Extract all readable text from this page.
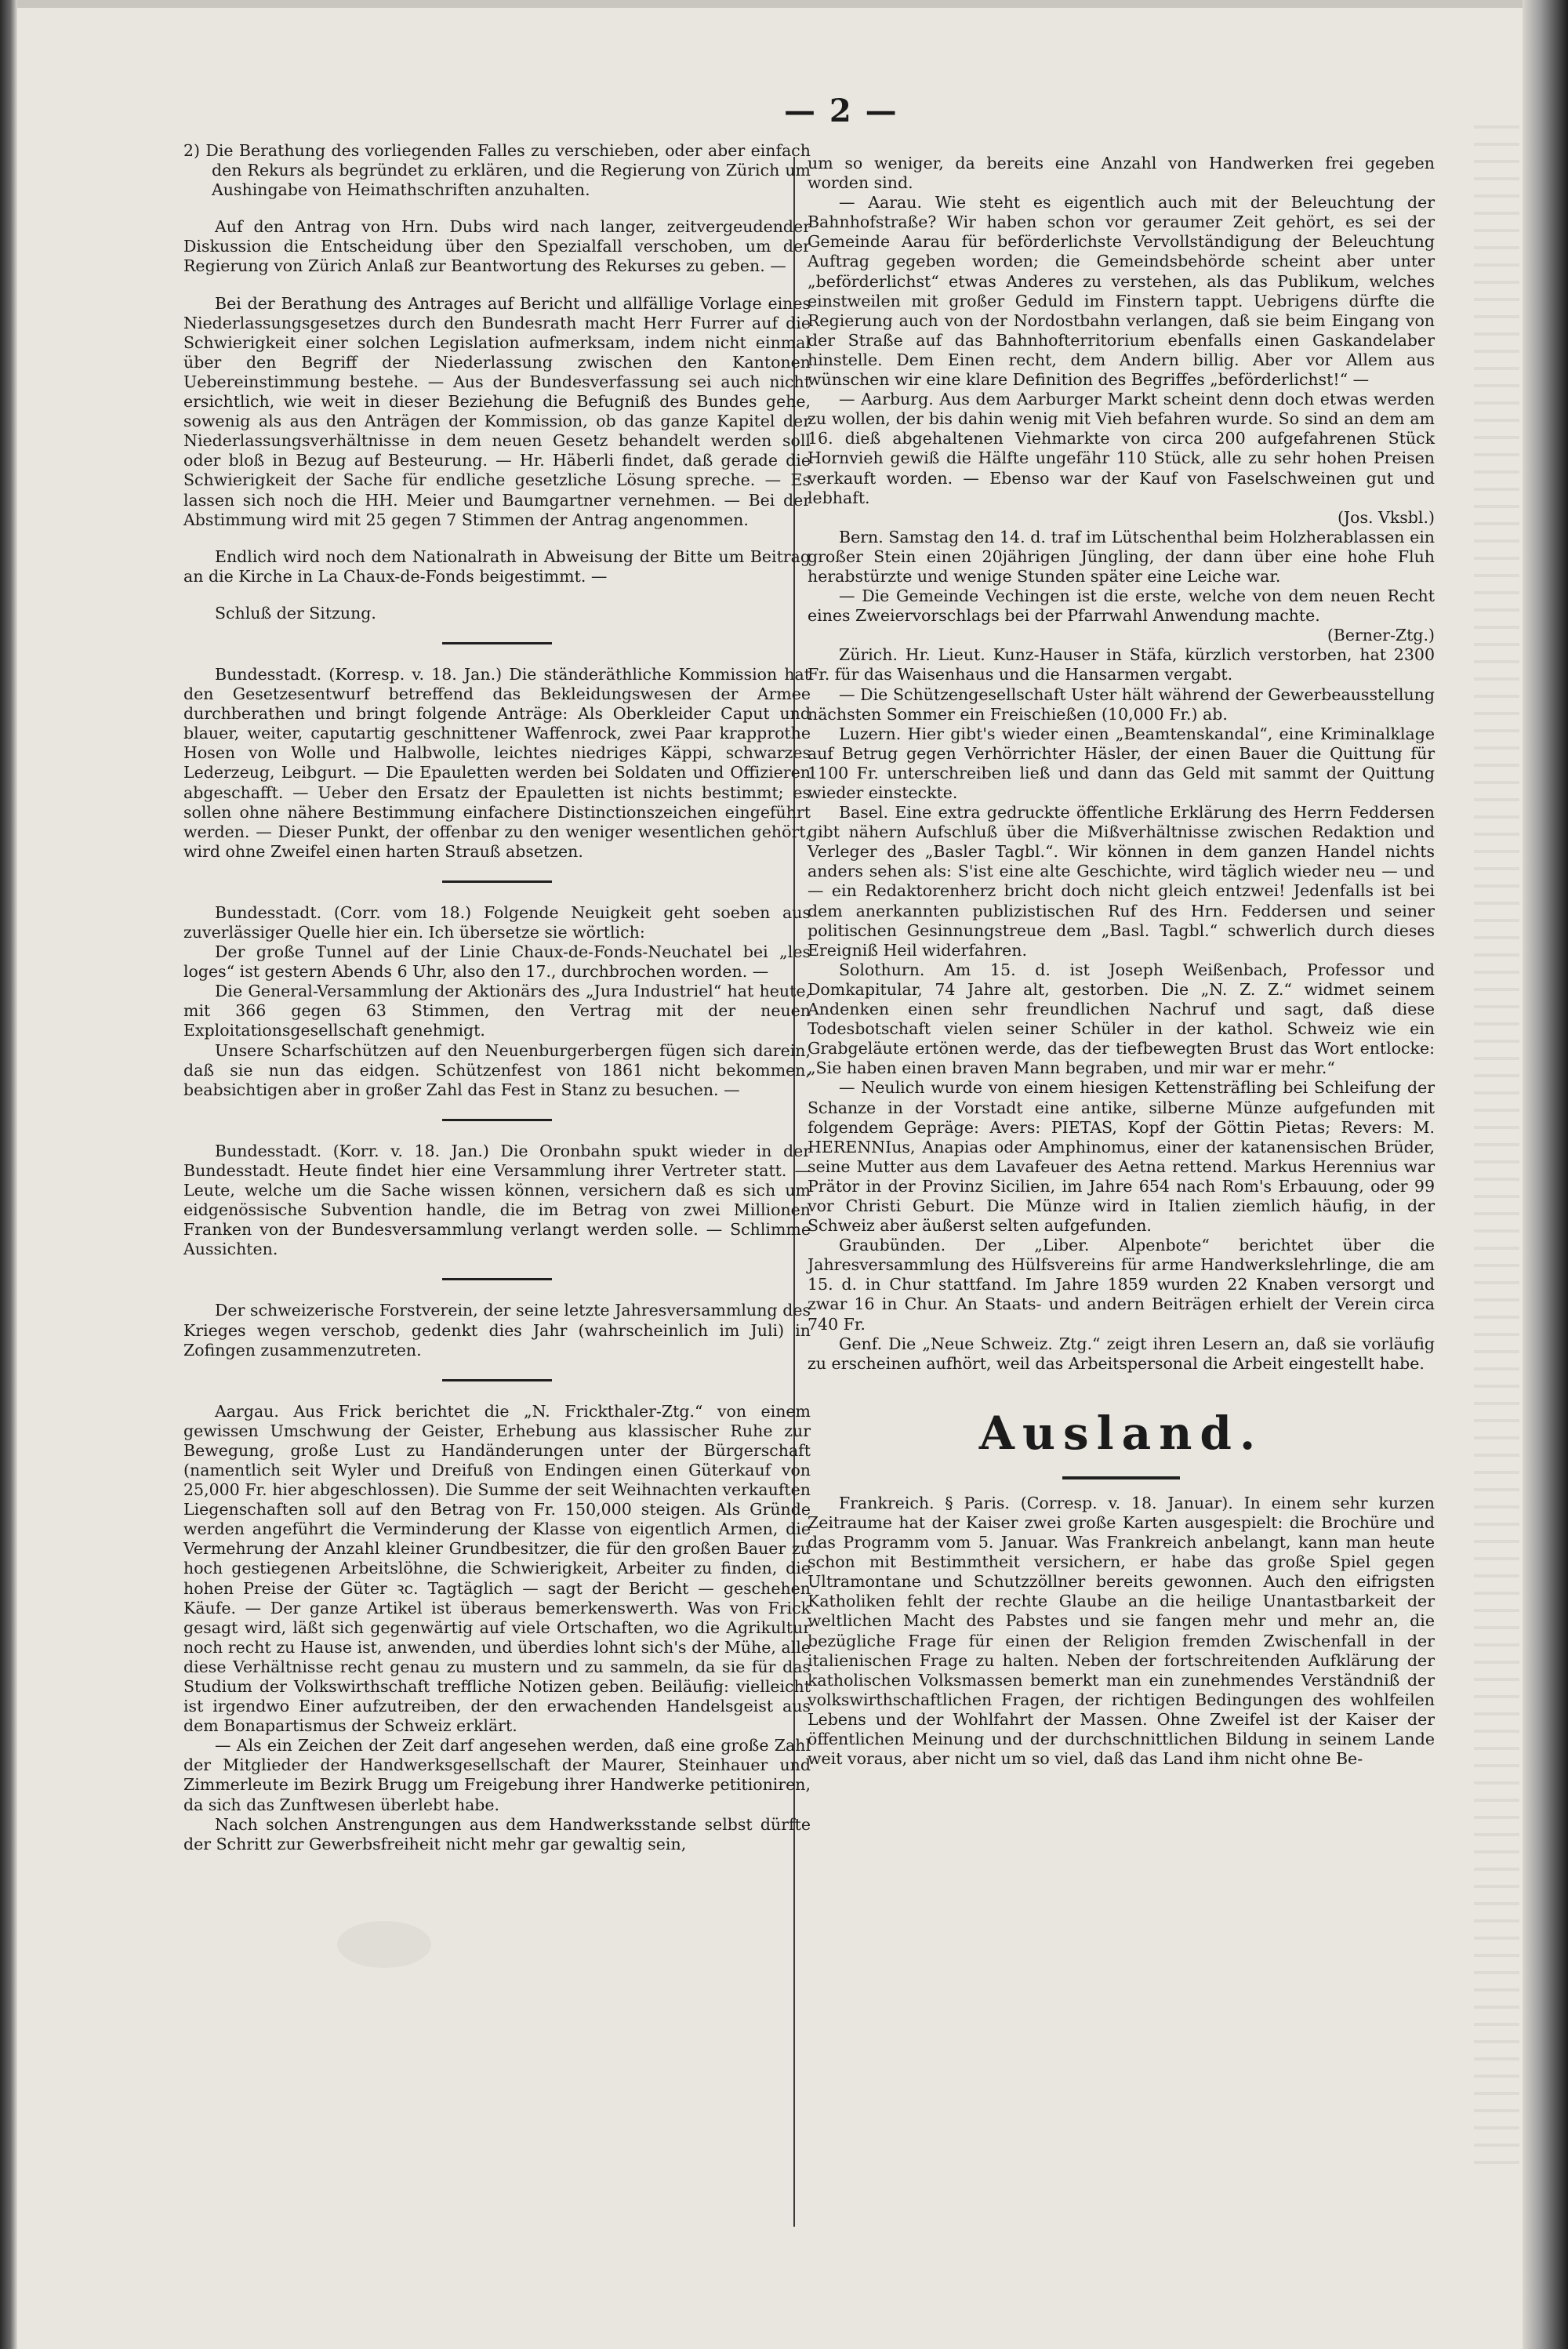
— 2 —

2) Die Berathung des vorliegenden Falles zu verschieben, oder aber einfach den Rekurs als begründet zu erklären, und die Regierung von Zürich um Aushingabe von Heimathschriften anzuhalten.

Auf den Antrag von Hrn. Dubs wird nach langer, zeitvergeudender Diskussion die Entscheidung über den Spezialfall verschoben, um der Regierung von Zürich Anlaß zur Beantwortung des Rekurses zu geben. —

Bei der Berathung des Antrages auf Bericht und allfällige Vorlage eines Niederlassungsgesetzes durch den Bundesrath macht Herr Furrer auf die Schwierigkeit einer solchen Legislation aufmerksam, indem nicht einmal über den Begriff der Niederlassung zwischen den Kantonen Uebereinstimmung bestehe. — Aus der Bundesverfassung sei auch nicht ersichtlich, wie weit in dieser Beziehung die Befugniß des Bundes gehe, sowenig als aus den Anträgen der Kommission, ob das ganze Kapitel der Niederlassungsverhältnisse in dem neuen Gesetz behandelt werden soll oder bloß in Bezug auf Besteurung. — Hr. Häberli findet, daß gerade die Schwierigkeit der Sache für endliche gesetzliche Lösung spreche. — Es lassen sich noch die HH. Meier und Baumgartner vernehmen. — Bei der Abstimmung wird mit 25 gegen 7 Stimmen der Antrag angenommen.

Endlich wird noch dem Nationalrath in Abweisung der Bitte um Beitrag an die Kirche in La Chaux-de-Fonds beigestimmt. —

Schluß der Sitzung.

Bundesstadt. (Korresp. v. 18. Jan.) Die ständeräthliche Kommission hat den Gesetzesentwurf betreffend das Bekleidungswesen der Armee durchberathen und bringt folgende Anträge: Als Oberkleider Caput und blauer, weiter, caputartig geschnittener Waffenrock, zwei Paar krapprothe Hosen von Wolle und Halbwolle, leichtes niedriges Käppi, schwarzes Lederzeug, Leibgurt. — Die Epauletten werden bei Soldaten und Offizieren abgeschafft. — Ueber den Ersatz der Epauletten ist nichts bestimmt; es sollen ohne nähere Bestimmung einfachere Distinctionszeichen eingeführt werden. — Dieser Punkt, der offenbar zu den weniger wesentlichen gehört, wird ohne Zweifel einen harten Strauß absetzen.

Bundesstadt. (Corr. vom 18.) Folgende Neuigkeit geht soeben aus zuverlässiger Quelle hier ein. Ich übersetze sie wörtlich:

Der große Tunnel auf der Linie Chaux-de-Fonds-Neuchatel bei „les loges“ ist gestern Abends 6 Uhr, also den 17., durchbrochen worden. —

Die General-Versammlung der Aktionärs des „Jura Industriel“ hat heute, mit 366 gegen 63 Stimmen, den Vertrag mit der neuen Exploitationsgesellschaft genehmigt.

Unsere Scharfschützen auf den Neuenburgerbergen fügen sich darein, daß sie nun das eidgen. Schützenfest von 1861 nicht bekommen, beabsichtigen aber in großer Zahl das Fest in Stanz zu besuchen. —

Bundesstadt. (Korr. v. 18. Jan.) Die Oronbahn spukt wieder in der Bundesstadt. Heute findet hier eine Versammlung ihrer Vertreter statt. — Leute, welche um die Sache wissen können, versichern daß es sich um eidgenössische Subvention handle, die im Betrag von zwei Millionen Franken von der Bundesversammlung verlangt werden solle. — Schlimme Aussichten.

Der schweizerische Forstverein, der seine letzte Jahresversammlung des Krieges wegen verschob, gedenkt dies Jahr (wahrscheinlich im Juli) in Zofingen zusammenzutreten.

Aargau. Aus Frick berichtet die „N. Frickthaler-Ztg.“ von einem gewissen Umschwung der Geister, Erhebung aus klassischer Ruhe zur Bewegung, große Lust zu Handänderungen unter der Bürgerschaft (namentlich seit Wyler und Dreifuß von Endingen einen Güterkauf von 25,000 Fr. hier abgeschlossen). Die Summe der seit Weihnachten verkauften Liegenschaften soll auf den Betrag von Fr. 150,000 steigen. Als Gründe werden angeführt die Verminderung der Klasse von eigentlich Armen, die Vermehrung der Anzahl kleiner Grundbesitzer, die für den großen Bauer zu hoch gestiegenen Arbeitslöhne, die Schwierigkeit, Arbeiter zu finden, die hohen Preise der Güter ꝛc. Tagtäglich — sagt der Bericht — geschehen Käufe. — Der ganze Artikel ist überaus bemerkenswerth. Was von Frick gesagt wird, läßt sich gegenwärtig auf viele Ortschaften, wo die Agrikultur noch recht zu Hause ist, anwenden, und überdies lohnt sich's der Mühe, alle diese Verhältnisse recht genau zu mustern und zu sammeln, da sie für das Studium der Volkswirthschaft treffliche Notizen geben. Beiläufig: vielleicht ist irgendwo Einer aufzutreiben, der den erwachenden Handelsgeist aus dem Bonapartismus der Schweiz erklärt.

— Als ein Zeichen der Zeit darf angesehen werden, daß eine große Zahl der Mitglieder der Handwerksgesellschaft der Maurer, Steinhauer und Zimmerleute im Bezirk Brugg um Freigebung ihrer Handwerke petitioniren, da sich das Zunftwesen überlebt habe.

Nach solchen Anstrengungen aus dem Handwerksstande selbst dürfte der Schritt zur Gewerbsfreiheit nicht mehr gar gewaltig sein,

um so weniger, da bereits eine Anzahl von Handwerken frei gegeben worden sind.

— Aarau. Wie steht es eigentlich auch mit der Beleuchtung der Bahnhofstraße? Wir haben schon vor geraumer Zeit gehört, es sei der Gemeinde Aarau für beförderlichste Vervollständigung der Beleuchtung Auftrag gegeben worden; die Gemeindsbehörde scheint aber unter „beförderlichst“ etwas Anderes zu verstehen, als das Publikum, welches einstweilen mit großer Geduld im Finstern tappt. Uebrigens dürfte die Regierung auch von der Nordostbahn verlangen, daß sie beim Eingang von der Straße auf das Bahnhofterritorium ebenfalls einen Gaskandelaber hinstelle. Dem Einen recht, dem Andern billig. Aber vor Allem aus wünschen wir eine klare Definition des Begriffes „beförderlichst!“ —

— Aarburg. Aus dem Aarburger Markt scheint denn doch etwas werden zu wollen, der bis dahin wenig mit Vieh befahren wurde. So sind an dem am 16. dieß abgehaltenen Viehmarkte von circa 200 aufgefahrenen Stück Hornvieh gewiß die Hälfte ungefähr 110 Stück, alle zu sehr hohen Preisen verkauft worden. — Ebenso war der Kauf von Faselschweinen gut und lebhaft.

(Jos. Vksbl.)

Bern. Samstag den 14. d. traf im Lütschenthal beim Holzherablassen ein großer Stein einen 20jährigen Jüngling, der dann über eine hohe Fluh herabstürzte und wenige Stunden später eine Leiche war.

— Die Gemeinde Vechingen ist die erste, welche von dem neuen Recht eines Zweiervorschlags bei der Pfarrwahl Anwendung machte.

(Berner-Ztg.)

Zürich. Hr. Lieut. Kunz-Hauser in Stäfa, kürzlich verstorben, hat 2300 Fr. für das Waisenhaus und die Hansarmen vergabt.

— Die Schützengesellschaft Uster hält während der Gewerbeausstellung nächsten Sommer ein Freischießen (10,000 Fr.) ab.

Luzern. Hier gibt's wieder einen „Beamtenskandal“, eine Kriminalklage auf Betrug gegen Verhörrichter Häsler, der einen Bauer die Quittung für 1100 Fr. unterschreiben ließ und dann das Geld mit sammt der Quittung wieder einsteckte.

Basel. Eine extra gedruckte öffentliche Erklärung des Herrn Feddersen gibt nähern Aufschluß über die Mißverhältnisse zwischen Redaktion und Verleger des „Basler Tagbl.“. Wir können in dem ganzen Handel nichts anders sehen als: S'ist eine alte Geschichte, wird täglich wieder neu — und — ein Redaktorenherz bricht doch nicht gleich entzwei! Jedenfalls ist bei dem anerkannten publizistischen Ruf des Hrn. Feddersen und seiner politischen Gesinnungstreue dem „Basl. Tagbl.“ schwerlich durch dieses Ereigniß Heil widerfahren.

Solothurn. Am 15. d. ist Joseph Weißenbach, Professor und Domkapitular, 74 Jahre alt, gestorben. Die „N. Z. Z.“ widmet seinem Andenken einen sehr freundlichen Nachruf und sagt, daß diese Todesbotschaft vielen seiner Schüler in der kathol. Schweiz wie ein Grabgeläute ertönen werde, das der tiefbewegten Brust das Wort entlocke: „Sie haben einen braven Mann begraben, und mir war er mehr.“

— Neulich wurde von einem hiesigen Kettensträfling bei Schleifung der Schanze in der Vorstadt eine antike, silberne Münze aufgefunden mit folgendem Gepräge: Avers: PIETAS, Kopf der Göttin Pietas; Revers: M. HERENNIus, Anapias oder Amphinomus, einer der katanensischen Brüder, seine Mutter aus dem Lavafeuer des Aetna rettend. Markus Herennius war Prätor in der Provinz Sicilien, im Jahre 654 nach Rom's Erbauung, oder 99 vor Christi Geburt. Die Münze wird in Italien ziemlich häufig, in der Schweiz aber äußerst selten aufgefunden.

Graubünden. Der „Liber. Alpenbote“ berichtet über die Jahresversammlung des Hülfsvereins für arme Handwerkslehrlinge, die am 15. d. in Chur stattfand. Im Jahre 1859 wurden 22 Knaben versorgt und zwar 16 in Chur. An Staats- und andern Beiträgen erhielt der Verein circa 740 Fr.

Genf. Die „Neue Schweiz. Ztg.“ zeigt ihren Lesern an, daß sie vorläufig zu erscheinen aufhört, weil das Arbeitspersonal die Arbeit eingestellt habe.

Ausland.

Frankreich. § Paris. (Corresp. v. 18. Januar). In einem sehr kurzen Zeitraume hat der Kaiser zwei große Karten ausgespielt: die Brochüre und das Programm vom 5. Januar. Was Frankreich anbelangt, kann man heute schon mit Bestimmtheit versichern, er habe das große Spiel gegen Ultramontane und Schutzzöllner bereits gewonnen. Auch den eifrigsten Katholiken fehlt der rechte Glaube an die heilige Unantastbarkeit der weltlichen Macht des Pabstes und sie fangen mehr und mehr an, die bezügliche Frage für einen der Religion fremden Zwischenfall in der italienischen Frage zu halten. Neben der fortschreitenden Aufklärung der katholischen Volksmassen bemerkt man ein zunehmendes Verständniß der volkswirthschaftlichen Fragen, der richtigen Bedingungen des wohlfeilen Lebens und der Wohlfahrt der Massen. Ohne Zweifel ist der Kaiser der öffentlichen Meinung und der durchschnittlichen Bildung in seinem Lande weit voraus, aber nicht um so viel, daß das Land ihm nicht ohne Be-
